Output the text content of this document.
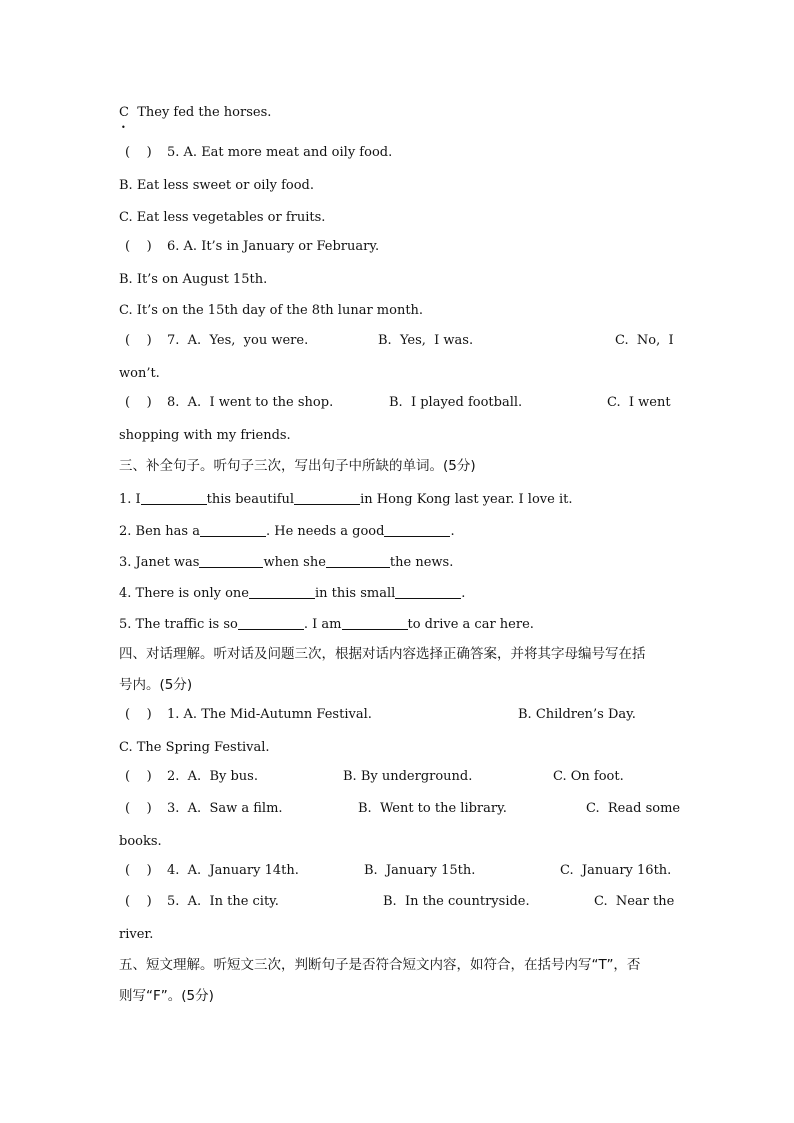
C  They fed the horses.
•
(    ) 5. A. Eat more meat and oily food.
B. Eat less sweet or oily food.
C. Eat less vegetables or fruits.
(    ) 6. A. It’s in January or February.
B. It’s on August 15th.
C. It’s on the 15th day of the 8th lunar month.
(    ) 7.  A.  Yes,  you were.	B.  Yes,  I was.	C.  No,  I
won’t.
(    ) 8.  A.  I went to the shop.	B.  I played football.	C.  I went
shopping with my friends.
三、补全句子。听句子三次，写出句子中所缺的单词。(5分)
1. I	this beautiful	in Hong Kong last year. I love it.
2. Ben has a	. He needs a good	.
3. Janet was	when she	the news.
4. There is only one	in this small	.
5. The traffic is so	. I am	to drive a car here.
四、对话理解。听对话及问题三次，根据对话内容选择正确答案，并将其字母编号写在括
号内。(5分)
(    ) 1. A. The Mid-Autumn Festival.	B. Children’s Day.
C. The Spring Festival.
(    ) 2.  A.  By bus.	B. By underground.	C. On foot.
(    ) 3.  A.  Saw a film.	B.  Went to the library.	C.  Read some
books.
(    ) 4.  A.  January 14th.	B.  January 15th.	C.  January 16th.
(    ) 5.  A.  In the city.	B.  In the countryside.	C.  Near the
river.
五、短文理解。听短文三次，判断句子是否符合短文内容，如符合，在括号内写“T”，否
则写“F”。(5分)
